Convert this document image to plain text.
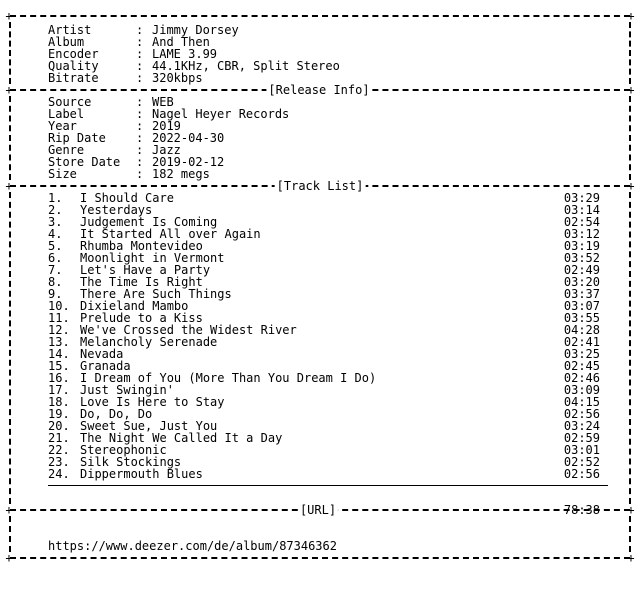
+	+

Artist	: Jimmy Dorsey
Album	: And Then
Encoder	: LAME 3.99
Quality	: 44.1KHz, CBR, Split Stereo
Bitrate	: 320kbps

+

	[Release Info]

	+

Source	: WEB
Label	: Nagel Heyer Records
Year	: 2019
Rip Date	: 2022-04-30
Genre	: Jazz
Store Date : 2019-02-12
Size	: 182 megs

+

	[Track List]

	+

1. I Should Care	03:29
2. Yesterdays	03:14
3. Judgement Is Coming	02:54
4. It Started All over Again	03:12
5. Rhumba Montevideo	03:19
6. Moonlight in Vermont	03:52
7. Let's Have a Party	02:49
8. The Time Is Right	03:20
9. There Are Such Things	03:37
10. Dixieland Mambo	03:07
11. Prelude to a Kiss	03:55
12. We've Crossed the Widest River	04:28
13. Melancholy Serenade	02:41
14. Nevada	03:25
15. Granada	02:45
16. I Dream of You (More Than You Dream I Do)	02:46
17. Just Swingin'	03:09
18. Love Is Here to Stay	04:15
19. Do, Do, Do	02:56
20. Sweet Sue, Just You	03:24
21. The Night We Called It a Day	02:59
22. Stereophonic	03:01
23. Silk Stockings	02:52
24. Dippermouth Blues	02:56

78:38

+

	[URL]

	+

https://www.deezer.com/de/album/87346362

+	+
